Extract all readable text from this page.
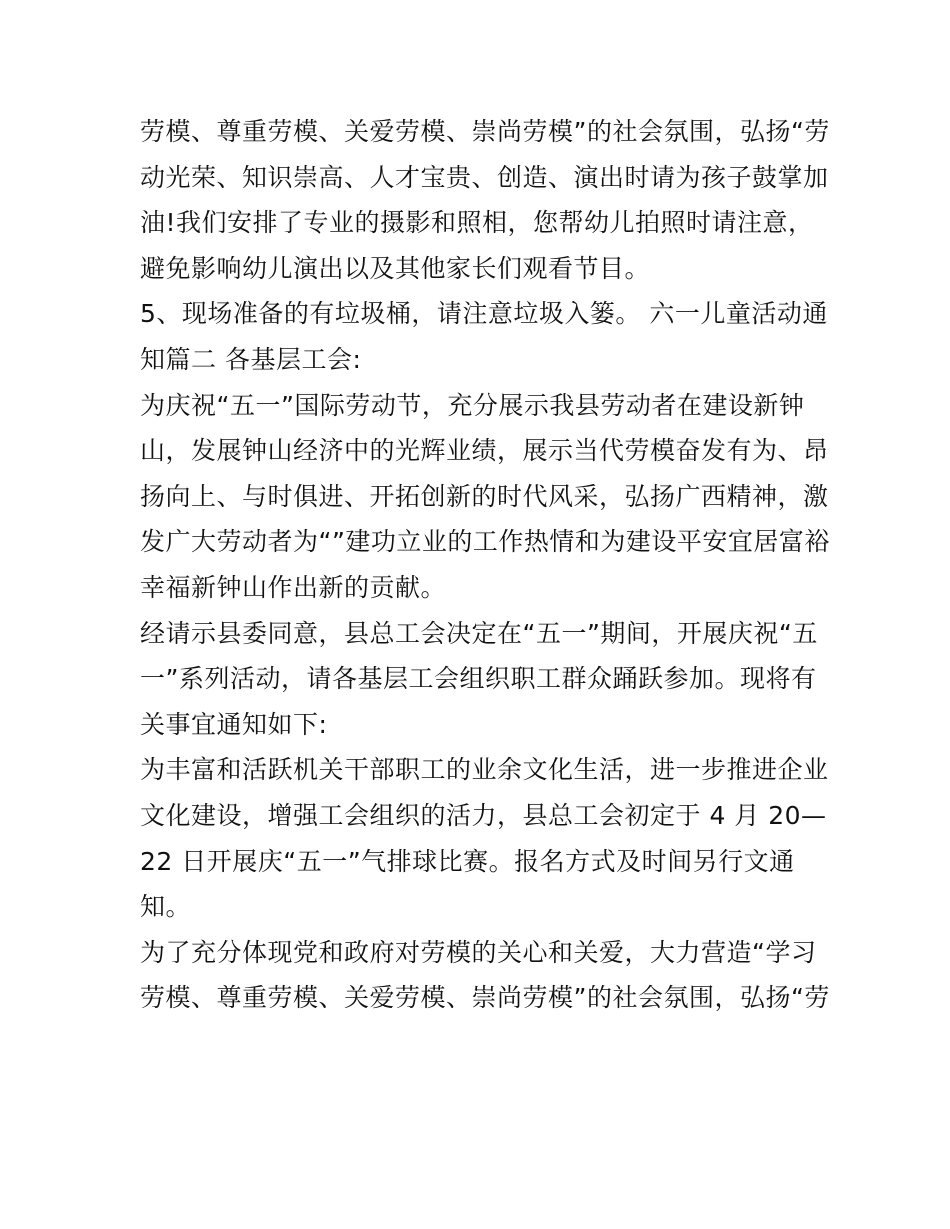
劳模、尊重劳模、关爱劳模、崇尚劳模”的社会氛围，弘扬“劳
动光荣、知识崇高、人才宝贵、创造、演出时请为孩子鼓掌加
油!我们安排了专业的摄影和照相，您帮幼儿拍照时请注意，
避免影响幼儿演出以及其他家长们观看节目。
5、现场准备的有垃圾桶，请注意垃圾入篓。 六一儿童活动通
知篇二 各基层工会:
为庆祝“五一”国际劳动节，充分展示我县劳动者在建设新钟
山，发展钟山经济中的光辉业绩，展示当代劳模奋发有为、昂
扬向上、与时俱进、开拓创新的时代风采，弘扬广西精神，激
发广大劳动者为“”建功立业的工作热情和为建设平安宜居富裕
幸福新钟山作出新的贡献。
经请示县委同意，县总工会决定在“五一”期间，开展庆祝“五
一”系列活动，请各基层工会组织职工群众踊跃参加。现将有
关事宜通知如下:
为丰富和活跃机关干部职工的业余文化生活，进一步推进企业
文化建设，增强工会组织的活力，县总工会初定于 4 月 20—
22 日开展庆“五一”气排球比赛。报名方式及时间另行文通
知。
为了充分体现党和政府对劳模的关心和关爱，大力营造“学习
劳模、尊重劳模、关爱劳模、崇尚劳模”的社会氛围，弘扬“劳
